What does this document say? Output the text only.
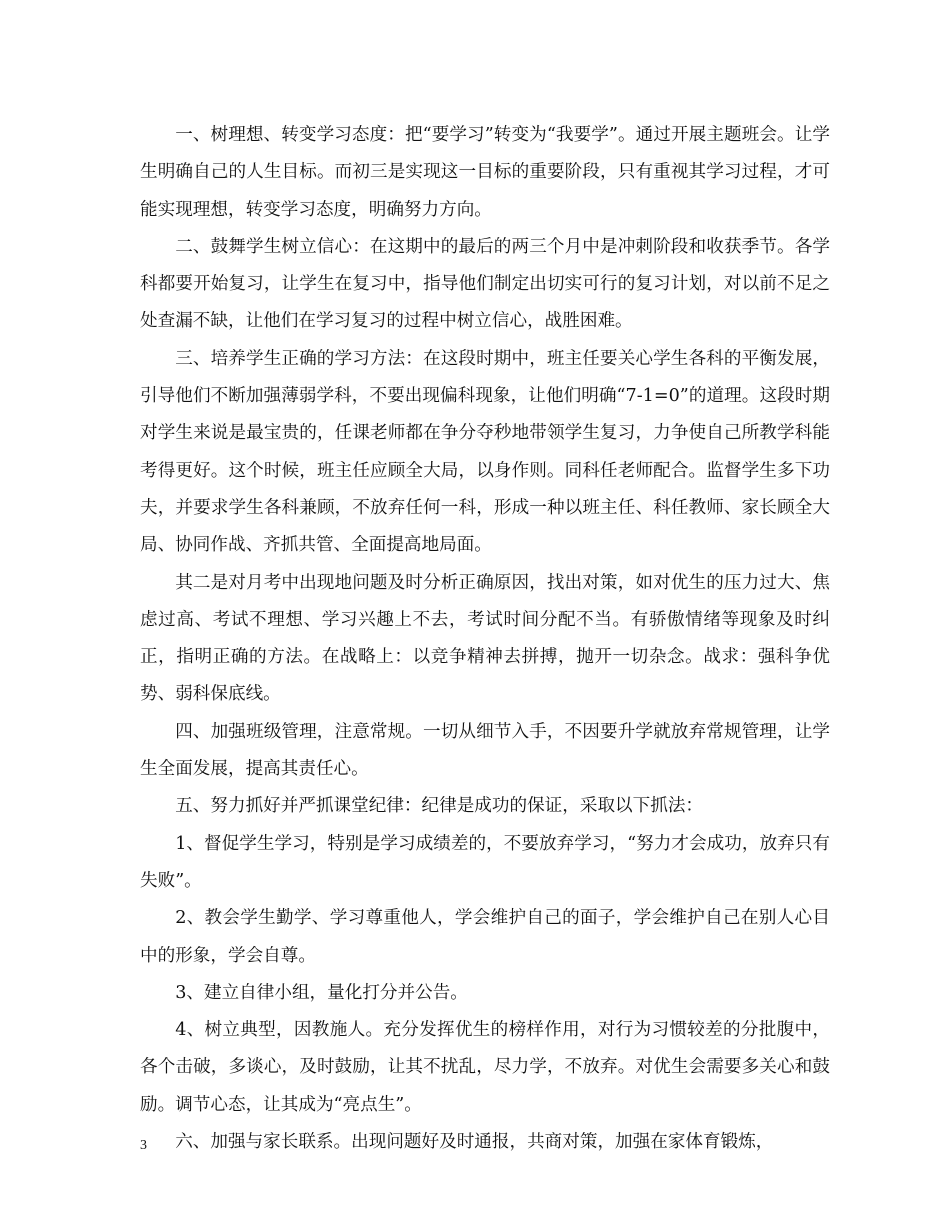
一、树理想、转变学习态度：把“要学习”转变为“我要学”。通过开展主题班会。让学生明确自己的人生目标。而初三是实现这一目标的重要阶段，只有重视其学习过程，才可能实现理想，转变学习态度，明确努力方向。

二、鼓舞学生树立信心：在这期中的最后的两三个月中是冲刺阶段和收获季节。各学科都要开始复习，让学生在复习中，指导他们制定出切实可行的复习计划，对以前不足之处查漏不缺，让他们在学习复习的过程中树立信心，战胜困难。

三、培养学生正确的学习方法：在这段时期中，班主任要关心学生各科的平衡发展，引导他们不断加强薄弱学科，不要出现偏科现象，让他们明确“7-1=0”的道理。这段时期对学生来说是最宝贵的，任课老师都在争分夺秒地带领学生复习，力争使自己所教学科能考得更好。这个时候，班主任应顾全大局，以身作则。同科任老师配合。监督学生多下功夫，并要求学生各科兼顾，不放弃任何一科，形成一种以班主任、科任教师、家长顾全大局、协同作战、齐抓共管、全面提高地局面。

其二是对月考中出现地问题及时分析正确原因，找出对策，如对优生的压力过大、焦虑过高、考试不理想、学习兴趣上不去，考试时间分配不当。有骄傲情绪等现象及时纠正，指明正确的方法。在战略上：以竞争精神去拼搏，抛开一切杂念。战求：强科争优势、弱科保底线。

四、加强班级管理，注意常规。一切从细节入手，不因要升学就放弃常规管理，让学生全面发展，提高其责任心。

五、努力抓好并严抓课堂纪律：纪律是成功的保证，采取以下抓法：

1、督促学生学习，特别是学习成绩差的，不要放弃学习，“努力才会成功，放弃只有失败”。

2、教会学生勤学、学习尊重他人，学会维护自己的面子，学会维护自己在别人心目中的形象，学会自尊。

3、建立自律小组，量化打分并公告。

4、树立典型，因教施人。充分发挥优生的榜样作用，对行为习惯较差的分批腹中，各个击破，多谈心，及时鼓励，让其不扰乱，尽力学，不放弃。对优生会需要多关心和鼓励。调节心态，让其成为“亮点生”。

六、加强与家长联系。出现问题好及时通报，共商对策，加强在家体育锻炼，

3
